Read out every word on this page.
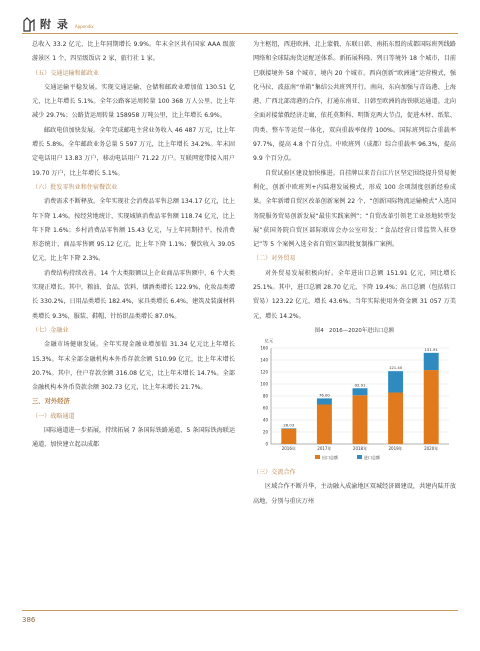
附 录 Appendix

总收入 33.2 亿元，比上年同期增长 9.9%。年末全区共有国家 AAA 级旅游景区 1 个，四星级饭店 2 家，旅行社 1 家。

（五）交通运输和邮政业

交通运输平稳发展。实现交通运输、仓储和邮政业增加值 130.51 亿元，比上年增长 5.1%。全年公路客运周转量 100 368 万人公里，比上年减少 29.7%；公路货运周转量 158958 万吨公里，比上年增长 6.9%。

邮政电信加快发展。全年完成邮电主营业务收入 46 487 万元，比上年增长 5.8%。全年邮政业务总量 5 597 万元，比上年增长 34.2%。年末固定电话用户 13.83 万户，移动电话用户 71.22 万户。互联网宽带接入用户 19.70 万户，比上年增长 5.1%。

（六）批发零售业和住宿餐饮业

消费需求不断释放。全年实现社会消费品零售总额 134.17 亿元，比上年下降 1.4%。按经营地统计，实现城镇消费品零售额 118.74 亿元，比上年下降 1.6%；乡村消费品零售额 15.43 亿元，与上年同期持平。按消费形态统计，商品零售额 95.12 亿元，比上年下降 1.1%；餐饮收入 39.05 亿元，比上年下降 2.3%。

消费结构持续改善。14 个大类限额以上企业商品零售额中，6 个大类实现正增长。其中，粮油、食品、饮料、烟酒类增长 122.9%，化妆品类增长 330.2%，日用品类增长 182.4%，家具类增长 6.4%，建筑及装潢材料类增长 9.3%，服装、鞋帽、针纺织品类增长 87.0%。

（七）金融业

金融市场健康发展。全年实现金融业增加值 31.34 亿元比上年增长 15.3%。年末全部金融机构本外币存款余额 510.99 亿元，比上年末增长 20.7%。其中，住户存款余额 316.08 亿元，比上年末增长 14.7%。全部金融机构本外币贷款余额 302.73 亿元，比上年末增长 21.7%。

三、对外经济

（一）战略通道

国际通道进一步拓展，持续拓展 7 条国际铁路通道、5 条国际铁海联运通道，加快建立起以成都

为主枢纽，西进欧洲、北上蒙俄、东联日韩、南拓东盟的成都国际班列线路网络和全球陆海货运配送体系。新拓展科隆、列日等境外 18 个城市，目前已联接境外 58 个城市，境内 20 个城市。西向创新“欧洲通”运营模式，强化马拉、波兹南“单箱”集结公共班列开行。南向、东向加强与青岛港、上海港、广西北部湾港的合作，打通东南亚、日韩至欧洲的海铁联运通道。北向全面对接蒙俄经济走廊，依托莫斯科、明斯克两大节点，促进木材、纸浆、肉类、整车等运贸一体化，双向重载率保持 100%。国际班列综合重载率 97.7%，提高 4.8 个百分点。中欧班列（成都）综合重载率 96.3%，提高 9.9 个百分点。

自贸试验区建设加快推进。自挂牌以来青白江片区坚定围绕提升贸易便利化，创新中欧班列+内陆港发展模式，形成 100 余项制度创新经验成果。全年新增自贸区改革创新案例 22 个，“创新国际物流运输模式”入选国务院服务贸易创新发展“最佳实践案例”；“自贸改革引领老工业基地转型发展”获国务院自贸区部际联席会办公室印发；“食品经营日常监管入驻登记”等 5 个案例入选全省自贸区第四批复制推广案例。

（二）对外贸易

对外贸易发展积极向好。全年进出口总额 151.91 亿元，同比增长 25.1%。其中，进口总额 28.70 亿元，下降 19.4%；出口总额（包括转口贸易）123.22 亿元，增长 43.6%。当年实际使用外资金额 31 057 万美元，增长 14.2%。

图4　2016—2020年进出口总额
亿元
0
20
40
60
80
100
120
140
160
26.03
2016年
76.00
2017年
92.91
2018年
121.40
2019年
151.91
2020年
出口总额	进口总额

（三）交流合作

区域合作不断升华，主动融入成渝地区双城经济圈建设，共建内陆开放高地，分别与重庆万州

386
